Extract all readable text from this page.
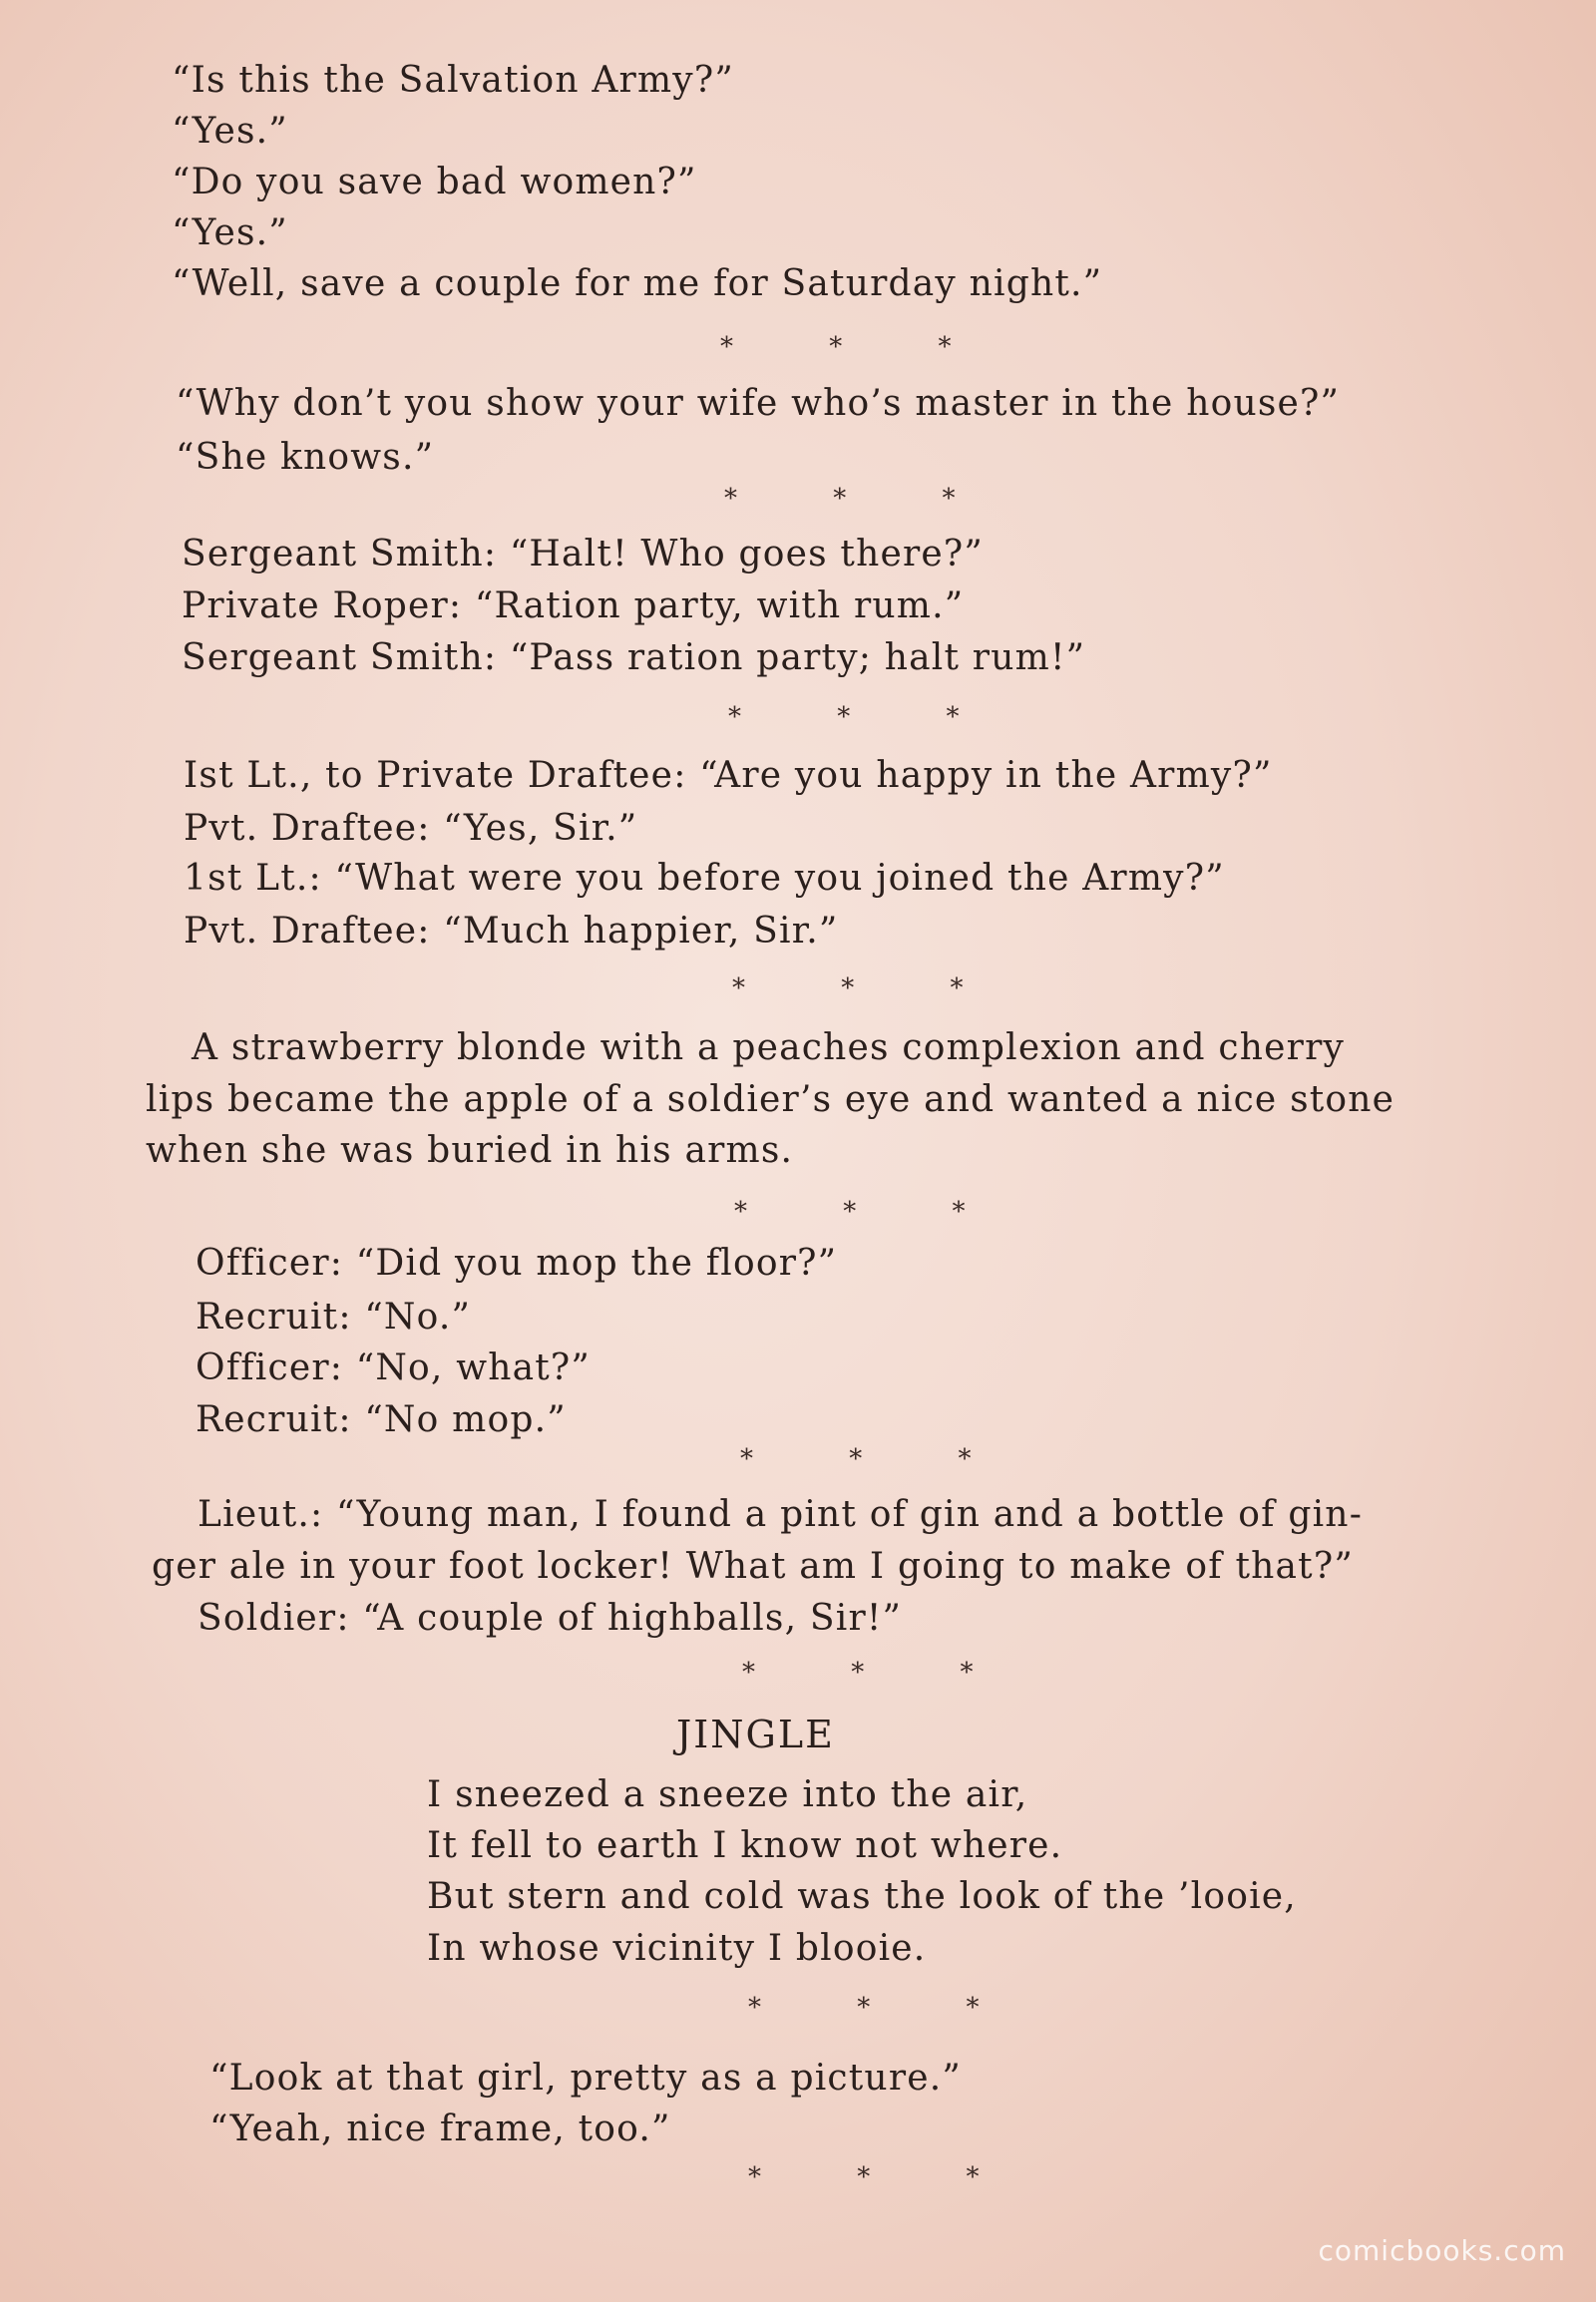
“Is this the Salvation Army?”
“Yes.”
“Do you save bad women?”
“Yes.”
“Well, save a couple for me for Saturday night.”
* * *
“Why don’t you show your wife who’s master in the house?”
“She knows.”
* * *
Sergeant Smith: “Halt! Who goes there?”
Private Roper: “Ration party, with rum.”
Sergeant Smith: “Pass ration party; halt rum!”
* * *
Ist Lt., to Private Draftee: “Are you happy in the Army?”
Pvt. Draftee: “Yes, Sir.”
1st Lt.: “What were you before you joined the Army?”
Pvt. Draftee: “Much happier, Sir.”
* * *
A strawberry blonde with a peaches complexion and cherry
lips became the apple of a soldier’s eye and wanted a nice stone
when she was buried in his arms.
* * *
Officer: “Did you mop the floor?”
Recruit: “No.”
Officer: “No, what?”
Recruit: “No mop.”
* * *
Lieut.: “Young man, I found a pint of gin and a bottle of gin-
ger ale in your foot locker! What am I going to make of that?”
Soldier: “A couple of highballs, Sir!”
* * *
JINGLE
I sneezed a sneeze into the air,
It fell to earth I know not where.
But stern and cold was the look of the ’looie,
In whose vicinity I blooie.
* * *
“Look at that girl, pretty as a picture.”
“Yeah, nice frame, too.”
* * *
comicbooks.com
